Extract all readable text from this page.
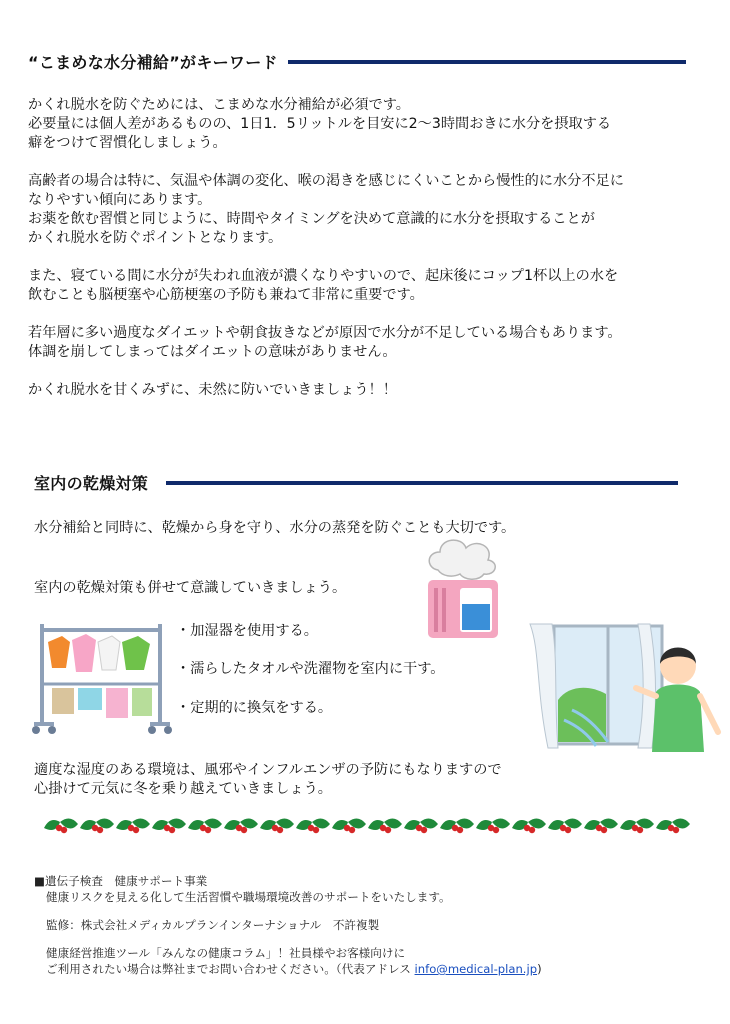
“こまめな水分補給”がキーワード
かくれ脱水を防ぐためには、こまめな水分補給が必須です。
必要量には個人差があるものの、1日1．5リットルを目安に2〜3時間おきに水分を摂取する
癖をつけて習慣化しましょう。
高齢者の場合は特に、気温や体調の変化、喉の渇きを感じにくいことから慢性的に水分不足に
なりやすい傾向にあります。
お薬を飲む習慣と同じように、時間やタイミングを決めて意識的に水分を摂取することが
かくれ脱水を防ぐポイントとなります。
また、寝ている間に水分が失われ血液が濃くなりやすいので、起床後にコップ1杯以上の水を
飲むことも脳梗塞や心筋梗塞の予防も兼ねて非常に重要です。
若年層に多い過度なダイエットや朝食抜きなどが原因で水分が不足している場合もあります。
体調を崩してしまってはダイエットの意味がありません。
かくれ脱水を甘くみずに、未然に防いでいきましょう！！
室内の乾燥対策
水分補給と同時に、乾燥から身を守り、水分の蒸発を防ぐことも大切です。
室内の乾燥対策も併せて意識していきましょう。
・加湿器を使用する。
・濡らしたタオルや洗濯物を室内に干す。
・定期的に換気をする。
適度な湿度のある環境は、風邪やインフルエンザの予防にもなりますので
心掛けて元気に冬を乗り越えていきましょう。
■遺伝子検査　健康サポート事業
健康リスクを見える化して生活習慣や職場環境改善のサポートをいたします。
監修：株式会社メディカルプランインターナショナル　不許複製
健康経営推進ツール「みんなの健康コラム」！社員様やお客様向けに
ご利用されたい場合は弊社までお問い合わせください。（代表アドレス info@medical-plan.jp)
